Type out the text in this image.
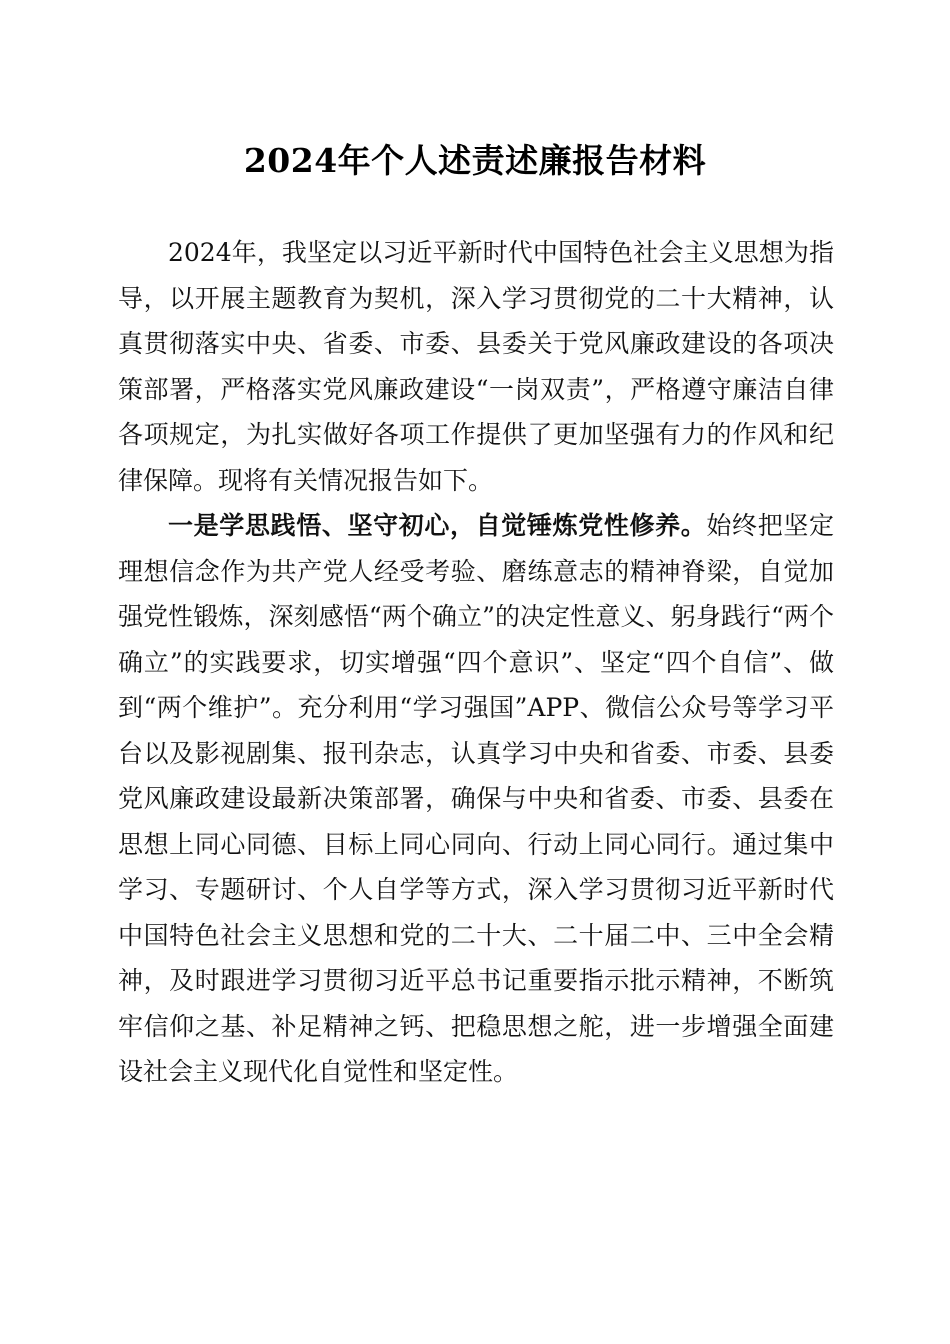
2024年个人述责述廉报告材料

2024年，我坚定以习近平新时代中国特色社会主义思想为指导，以开展主题教育为契机，深入学习贯彻党的二十大精神，认真贯彻落实中央、省委、市委、县委关于党风廉政建设的各项决策部署，严格落实党风廉政建设“一岗双责”，严格遵守廉洁自律各项规定，为扎实做好各项工作提供了更加坚强有力的作风和纪律保障。现将有关情况报告如下。

一是学思践悟、坚守初心，自觉锤炼党性修养。始终把坚定理想信念作为共产党人经受考验、磨练意志的精神脊梁，自觉加强党性锻炼，深刻感悟“两个确立”的决定性意义、躬身践行“两个确立”的实践要求，切实增强“四个意识”、坚定“四个自信”、做到“两个维护”。充分利用“学习强国”APP、微信公众号等学习平台以及影视剧集、报刊杂志，认真学习中央和省委、市委、县委党风廉政建设最新决策部署，确保与中央和省委、市委、县委在思想上同心同德、目标上同心同向、行动上同心同行。通过集中学习、专题研讨、个人自学等方式，深入学习贯彻习近平新时代中国特色社会主义思想和党的二十大、二十届二中、三中全会精神，及时跟进学习贯彻习近平总书记重要指示批示精神，不断筑牢信仰之基、补足精神之钙、把稳思想之舵，进一步增强全面建设社会主义现代化自觉性和坚定性。
